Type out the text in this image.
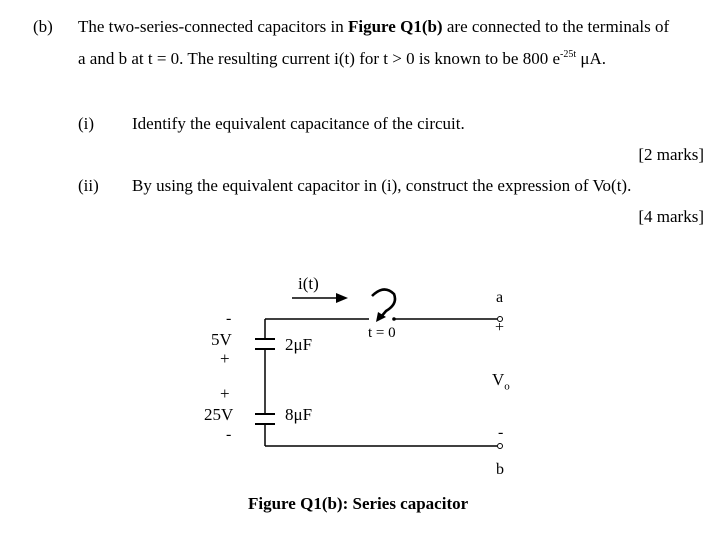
(b) The two-series-connected capacitors in Figure Q1(b) are connected to the terminals of
a and b at t = 0. The resulting current i(t) for t > 0 is known to be 800 $e^{-25t}$ μA.
(i) Identify the equivalent capacitance of the circuit.
[2 marks]
(ii) By using the equivalent capacitor in (i), construct the expression of Vo(t).
[4 marks]
i(t)
t = 0
-
5V
+
2μF
+
25V
-
8μF
a
+
$V_o$
-
b
Figure Q1(b): Series capacitor
